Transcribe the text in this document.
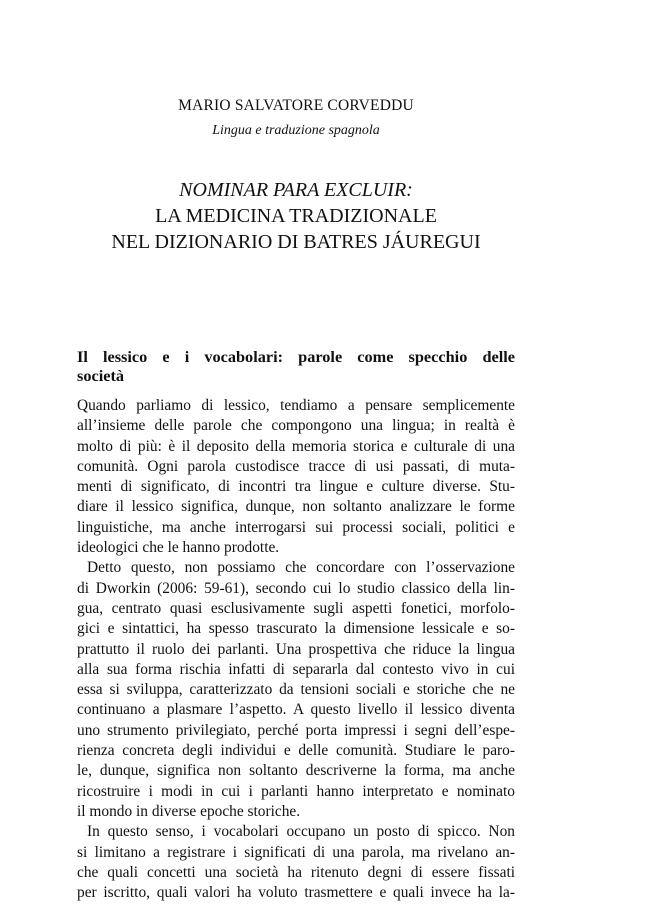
MARIO SALVATORE CORVEDDU
Lingua e traduzione spagnola
NOMINAR PARA EXCLUIR:
LA MEDICINA TRADIZIONALE
NEL DIZIONARIO DI BATRES JÁUREGUI
Il lessico e i vocabolari: parole come specchio delle
società
Quando parliamo di lessico, tendiamo a pensare semplicemente
all’insieme delle parole che compongono una lingua; in realtà è
molto di più: è il deposito della memoria storica e culturale di una
comunità. Ogni parola custodisce tracce di usi passati, di muta-
menti di significato, di incontri tra lingue e culture diverse. Stu-
diare il lessico significa, dunque, non soltanto analizzare le forme
linguistiche, ma anche interrogarsi sui processi sociali, politici e
ideologici che le hanno prodotte.
Detto questo, non possiamo che concordare con l’osservazione
di Dworkin (2006: 59-61), secondo cui lo studio classico della lin-
gua, centrato quasi esclusivamente sugli aspetti fonetici, morfolo-
gici e sintattici, ha spesso trascurato la dimensione lessicale e so-
prattutto il ruolo dei parlanti. Una prospettiva che riduce la lingua
alla sua forma rischia infatti di separarla dal contesto vivo in cui
essa si sviluppa, caratterizzato da tensioni sociali e storiche che ne
continuano a plasmare l’aspetto. A questo livello il lessico diventa
uno strumento privilegiato, perché porta impressi i segni dell’espe-
rienza concreta degli individui e delle comunità. Studiare le paro-
le, dunque, significa non soltanto descriverne la forma, ma anche
ricostruire i modi in cui i parlanti hanno interpretato e nominato
il mondo in diverse epoche storiche.
In questo senso, i vocabolari occupano un posto di spicco. Non
si limitano a registrare i significati di una parola, ma rivelano an-
che quali concetti una società ha ritenuto degni di essere fissati
per iscritto, quali valori ha voluto trasmettere e quali invece ha la-
